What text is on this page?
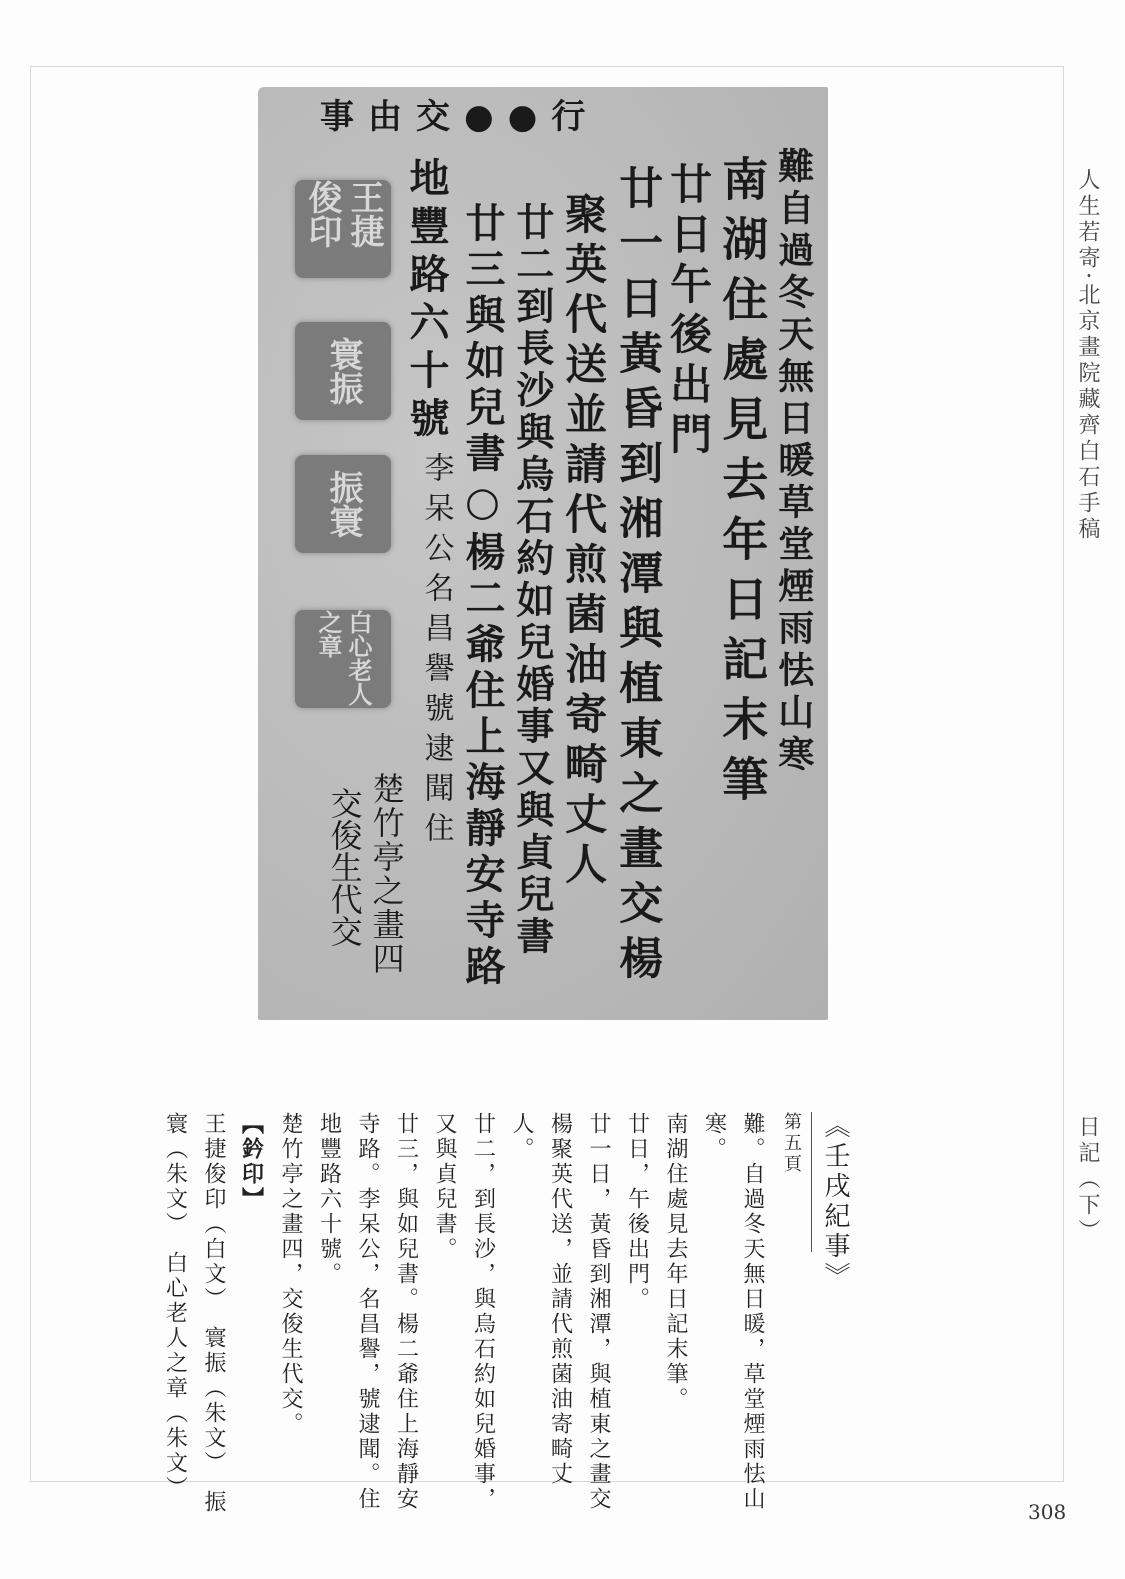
人生若寄·北京畫院藏齊白石手稿
日記（下）
行●●交由事
難自過冬天無日暖草堂煙雨怯山寒
南湖住處見去年日記末筆
廿日午後出門
廿一日黃昏到湘潭與植東之畫交楊
聚英代送並請代煎菌油寄畸丈人
廿二到長沙與烏石約如兒婚事又與貞兒書
廿三與如兒書○楊二爺住上海靜安寺路
地豐路六十號
李呆公名昌譽號逮聞住
楚竹亭之畫四
交俊生代交
王捷俊印
寰振
振寰
白心老人之章
《壬戌紀事》
第五頁
難。自過冬天無日暖，草堂煙雨怯山
寒。
南湖住處見去年日記末筆。
廿日，午後出門。
廿一日，黃昏到湘潭，與植東之畫交
楊聚英代送，並請代煎菌油寄畸丈
人。
廿二，到長沙，與烏石約如兒婚事，
又與貞兒書。
廿三，與如兒書。楊二爺住上海靜安
寺路。李呆公，名昌譽，號逮聞。住
地豐路六十號。
楚竹亭之畫四，交俊生代交。
【鈐印】
王捷俊印（白文）　寰振（朱文）　振
寰（朱文）　白心老人之章（朱文）
308
